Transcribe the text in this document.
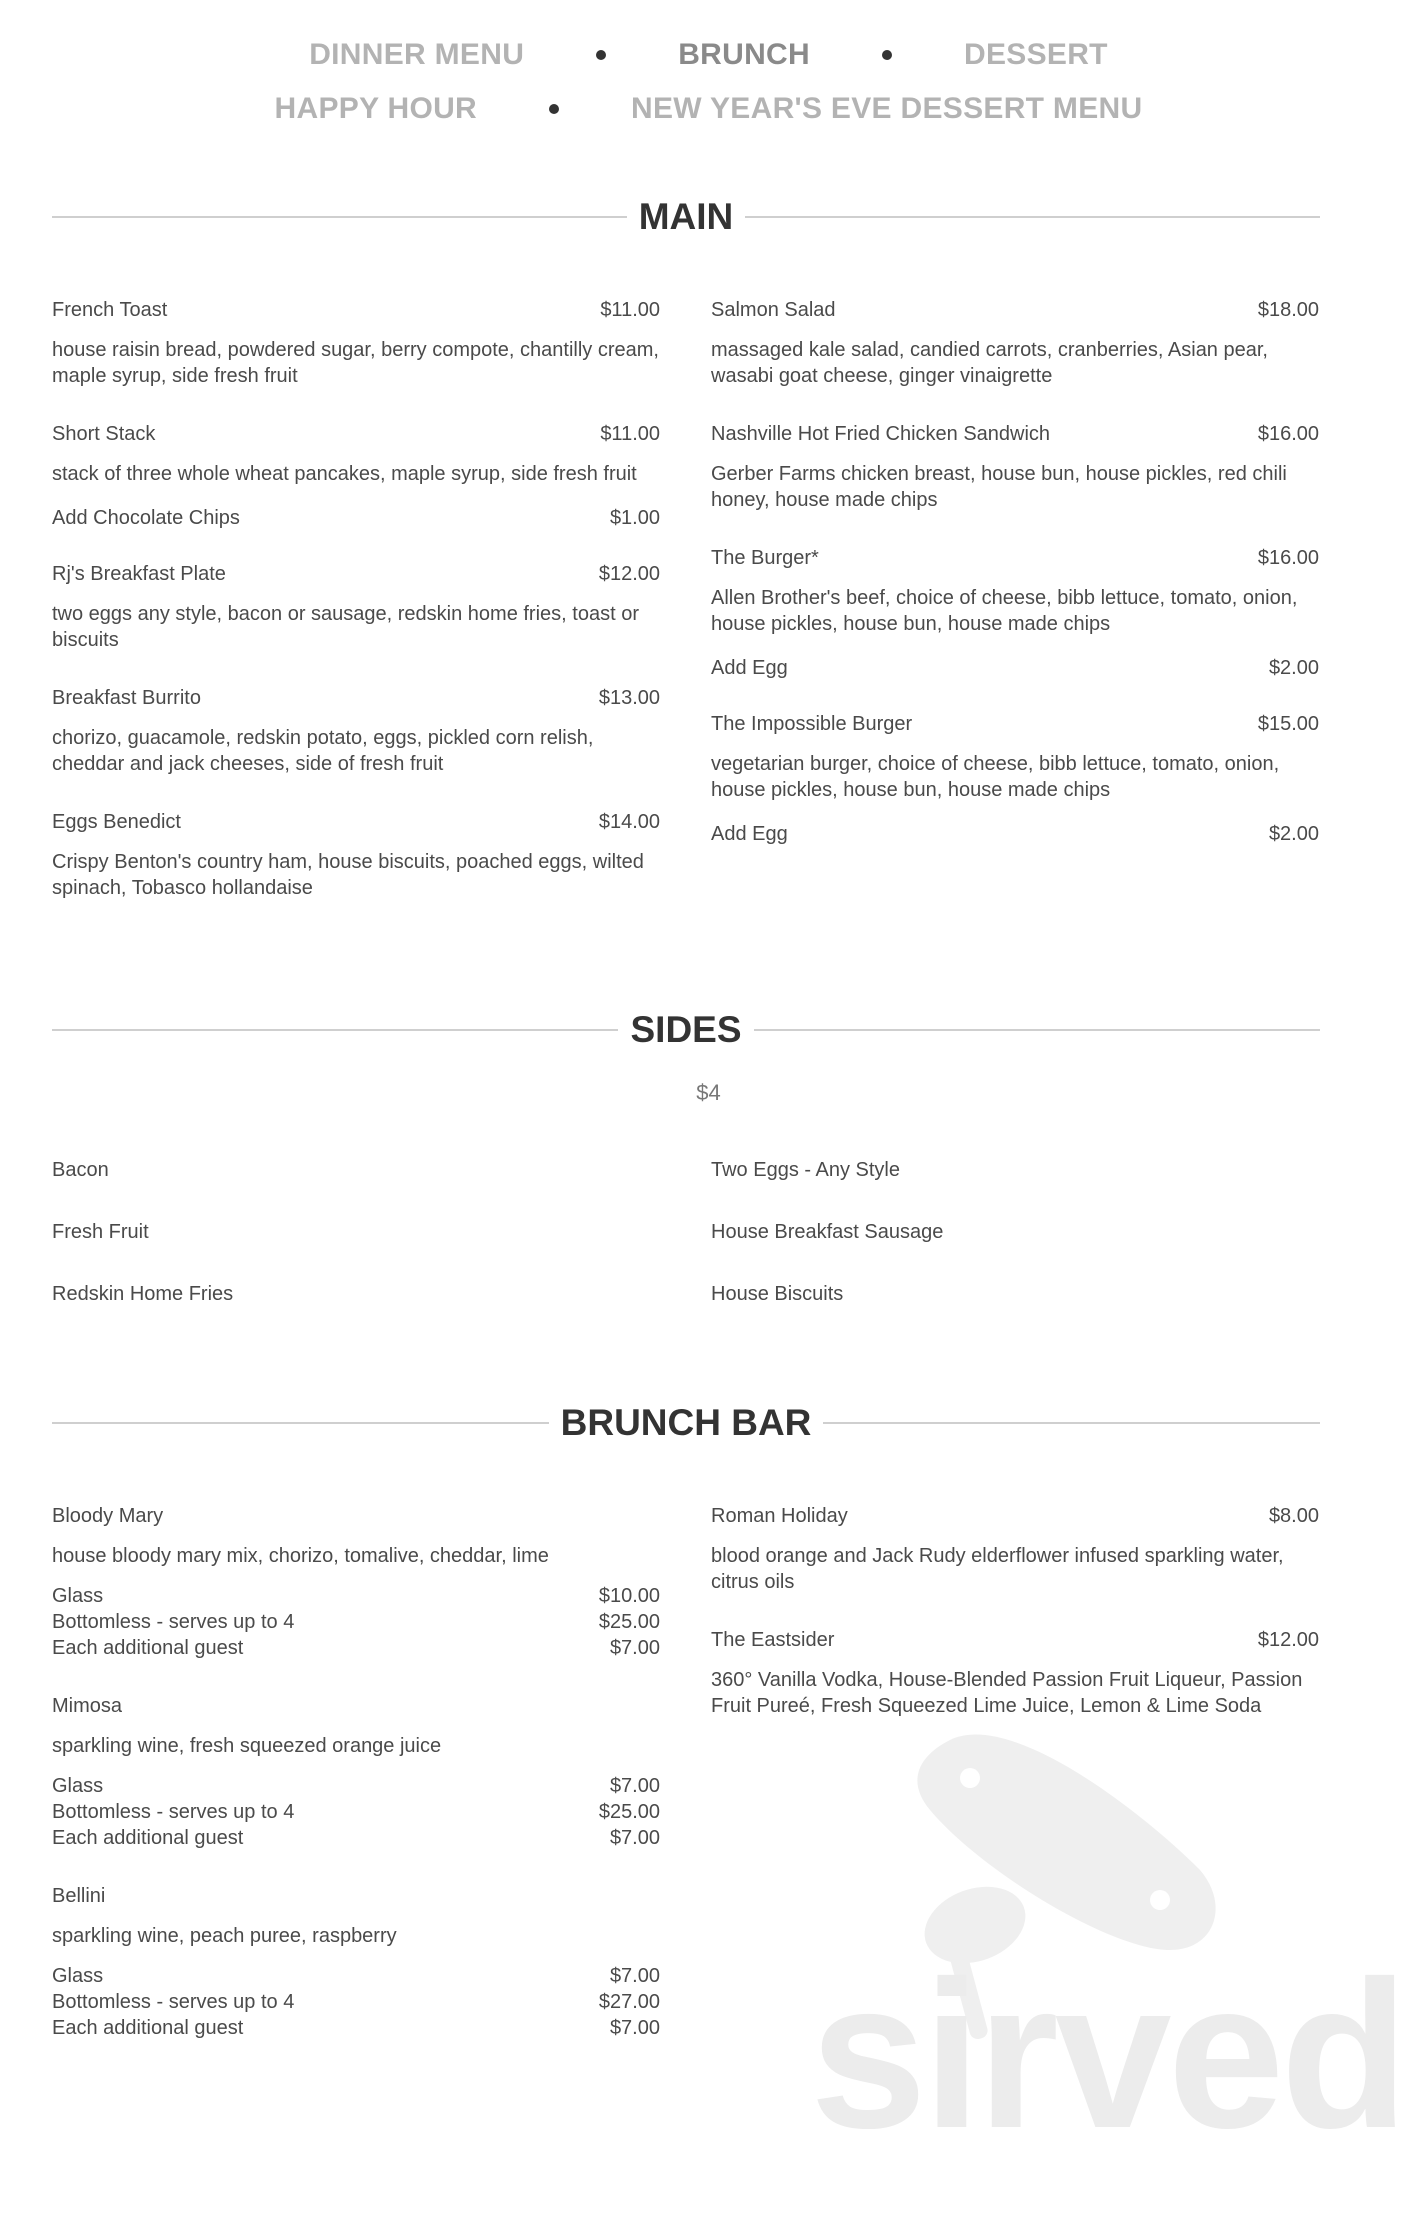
DINNER MENU	BRUNCH	DESSERT
HAPPY HOUR	NEW YEAR'S EVE DESSERT MENU
MAIN
French Toast	$11.00
house raisin bread, powdered sugar, berry compote, chantilly cream, maple syrup, side fresh fruit
Short Stack	$11.00
stack of three whole wheat pancakes, maple syrup, side fresh fruit
Add Chocolate Chips	$1.00
Rj's Breakfast Plate	$12.00
two eggs any style, bacon or sausage, redskin home fries, toast or biscuits
Breakfast Burrito	$13.00
chorizo, guacamole, redskin potato, eggs, pickled corn relish, cheddar and jack cheeses, side of fresh fruit
Eggs Benedict	$14.00
Crispy Benton's country ham, house biscuits, poached eggs, wilted spinach, Tobasco hollandaise
Salmon Salad	$18.00
massaged kale salad, candied carrots, cranberries, Asian pear, wasabi goat cheese, ginger vinaigrette
Nashville Hot Fried Chicken Sandwich	$16.00
Gerber Farms chicken breast, house bun, house pickles, red chili honey, house made chips
The Burger*	$16.00
Allen Brother's beef, choice of cheese, bibb lettuce, tomato, onion, house pickles, house bun, house made chips
Add Egg	$2.00
The Impossible Burger	$15.00
vegetarian burger, choice of cheese, bibb lettuce, tomato, onion, house pickles, house bun, house made chips
Add Egg	$2.00
SIDES
$4
Bacon
Fresh Fruit
Redskin Home Fries
Two Eggs - Any Style
House Breakfast Sausage
House Biscuits
BRUNCH BAR
sirved
Bloody Mary
house bloody mary mix, chorizo, tomalive, cheddar, lime
Glass	$10.00
Bottomless - serves up to 4	$25.00
Each additional guest	$7.00
Mimosa
sparkling wine, fresh squeezed orange juice
Glass	$7.00
Bottomless - serves up to 4	$25.00
Each additional guest	$7.00
Bellini
sparkling wine, peach puree, raspberry
Glass	$7.00
Bottomless - serves up to 4	$27.00
Each additional guest	$7.00
Roman Holiday	$8.00
blood orange and Jack Rudy elderflower infused sparkling water, citrus oils
The Eastsider	$12.00
360° Vanilla Vodka, House-Blended Passion Fruit Liqueur, Passion Fruit Pureé, Fresh Squeezed Lime Juice, Lemon & Lime Soda
